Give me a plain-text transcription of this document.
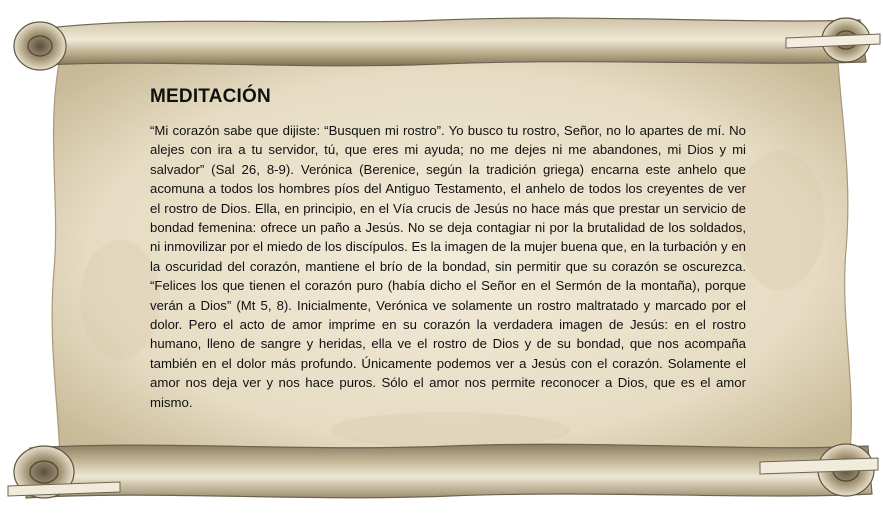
MEDITACIÓN

“Mi corazón sabe que dijiste: “Busquen mi rostro”. Yo busco tu rostro, Señor, no lo apartes de mí. No alejes con ira a tu servidor, tú, que eres mi ayuda; no me dejes ni me abandones, mi Dios y mi salvador” (Sal 26, 8-9). Verónica (Berenice, según la tradición griega) encarna este anhelo que acomuna a todos los hombres píos del Antiguo Testamento, el anhelo de todos los creyentes de ver el rostro de Dios. Ella, en principio, en el Vía crucis de Jesús no hace más que prestar un servicio de bondad femenina: ofrece un paño a Jesús. No se deja contagiar ni por la brutalidad de los soldados, ni inmovilizar por el miedo de los discípulos. Es la imagen de la mujer buena que, en la turbación y en la oscuridad del corazón, mantiene el brío de la bondad, sin permitir que su corazón se oscurezca. “Felices los que tienen el corazón puro (había dicho el Señor en el Sermón de la montaña), porque verán a Dios” (Mt 5, 8). Inicialmente, Verónica ve solamente un rostro maltratado y marcado por el dolor. Pero el acto de amor imprime en su corazón la verdadera imagen de Jesús: en el rostro humano, lleno de sangre y heridas, ella ve el rostro de Dios y de su bondad, que nos acompaña también en el dolor más profundo. Únicamente podemos ver a Jesús con el corazón. Solamente el amor nos deja ver y nos hace puros. Sólo el amor nos permite reconocer a Dios, que es el amor mismo.
